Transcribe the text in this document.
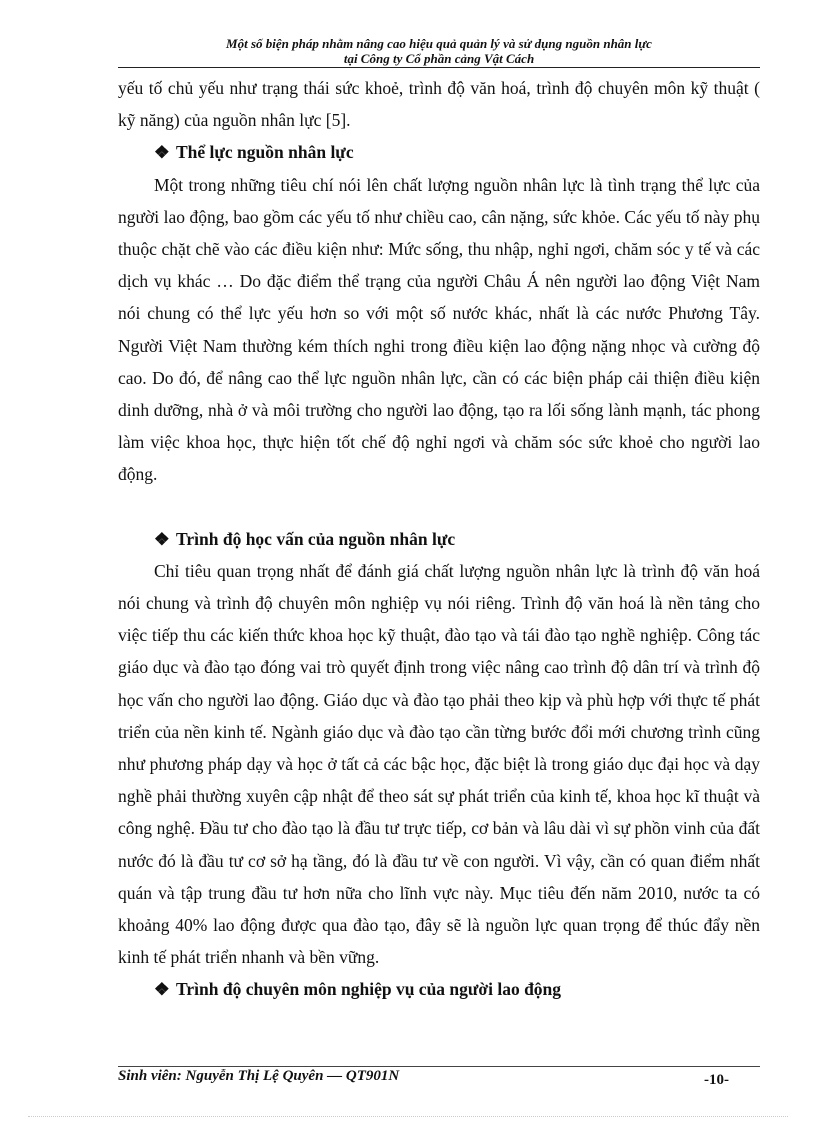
Một số biện pháp nhằm nâng cao hiệu quả quản lý và sử dụng nguồn nhân lực
tại Công ty Cổ phần cảng Vật Cách

yếu tố chủ yếu như trạng thái sức khoẻ, trình độ văn hoá, trình độ chuyên môn kỹ thuật ( kỹ năng) của nguồn nhân lực [5].

❖ Thể lực nguồn nhân lực

Một trong những tiêu chí nói lên chất lượng nguồn nhân lực là tình trạng thể lực của người lao động, bao gồm các yếu tố như chiều cao, cân nặng, sức khỏe. Các yếu tố này phụ thuộc chặt chẽ vào các điều kiện như: Mức sống, thu nhập, nghỉ ngơi, chăm sóc y tế và các dịch vụ khác … Do đặc điểm thể trạng của người Châu Á nên người lao động Việt Nam nói chung có thể lực yếu hơn so với một số nước khác, nhất là các nước Phương Tây. Người Việt Nam thường kém thích nghi trong điều kiện lao động nặng nhọc và cường độ cao. Do đó, để nâng cao thể lực nguồn nhân lực, cần có các biện pháp cải thiện điều kiện dinh dưỡng, nhà ở và môi trường cho người lao động, tạo ra lối sống lành mạnh, tác phong làm việc khoa học, thực hiện tốt chế độ nghỉ ngơi và chăm sóc sức khoẻ cho người lao động.

❖ Trình độ học vấn của nguồn nhân lực

Chỉ tiêu quan trọng nhất để đánh giá chất lượng nguồn nhân lực là trình độ văn hoá nói chung và trình độ chuyên môn nghiệp vụ nói riêng. Trình độ văn hoá là nền tảng cho việc tiếp thu các kiến thức khoa học kỹ thuật, đào tạo và tái đào tạo nghề nghiệp. Công tác giáo dục và đào tạo đóng vai trò quyết định trong việc nâng cao trình độ dân trí và trình độ học vấn cho người lao động. Giáo dục và đào tạo phải theo kịp và phù hợp với thực tế phát triển của nền kinh tế. Ngành giáo dục và đào tạo cần từng bước đổi mới chương trình cũng như phương pháp dạy và học ở tất cả các bậc học, đặc biệt là trong giáo dục đại học và dạy nghề phải thường xuyên cập nhật để theo sát sự phát triển của kinh tế, khoa học kĩ thuật và công nghệ. Đầu tư cho đào tạo là đầu tư trực tiếp, cơ bản và lâu dài vì sự phồn vinh của đất nước đó là đầu tư cơ sở hạ tầng, đó là đầu tư về con người. Vì vậy, cần có quan điểm nhất quán và tập trung đầu tư hơn nữa cho lĩnh vực này. Mục tiêu đến năm 2010, nước ta có khoảng 40% lao động được qua đào tạo, đây sẽ là nguồn lực quan trọng để thúc đẩy nền kinh tế phát triển nhanh và bền vững.

❖ Trình độ chuyên môn nghiệp vụ của người lao động
Sinh viên: Nguyễn Thị Lệ Quyên — QT901N	-10-
